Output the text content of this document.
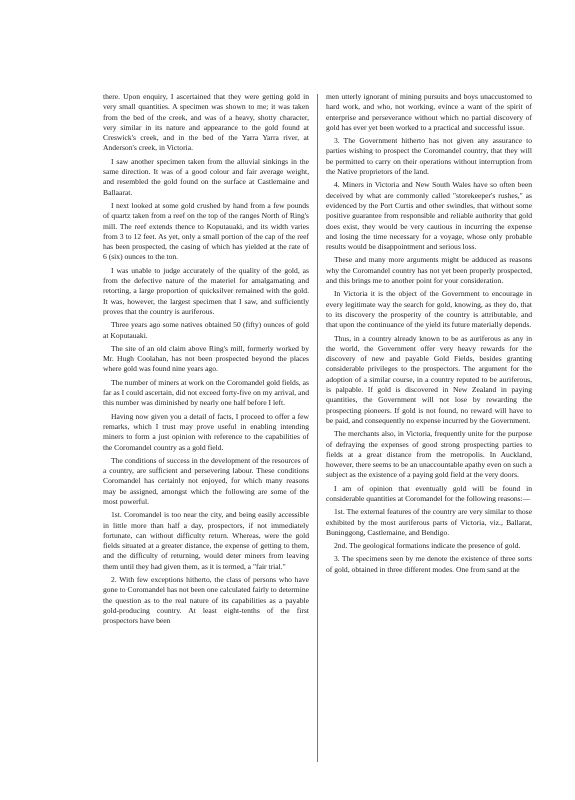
there. Upon enquiry, I ascertained that they were getting gold in very small quantities. A specimen was shown to me; it was taken from the bed of the creek, and was of a heavy, shotty character, very similar in its nature and appearance to the gold found at Creswick's creek, and in the bed of the Yarra Yarra river, at Anderson's creek, in Victoria.

I saw another specimen taken from the alluvial sinkings in the same direction. It was of a good colour and fair average weight, and resembled the gold found on the surface at Castlemaine and Ballaarat.

I next looked at some gold crushed by hand from a few pounds of quartz taken from a reef on the top of the ranges North of Ring's mill. The reef extends thence to Koputauaki, and its width varies from 3 to 12 feet. As yet, only a small portion of the cap of the reef has been prospected, the casing of which has yielded at the rate of 6 (six) ounces to the ton.

I was unable to judge accurately of the quality of the gold, as from the defective nature of the materiel for amalgamating and retorting, a large proportion of quicksilver remained with the gold. It was, however, the largest specimen that I saw, and sufficiently proves that the country is auriferous.

Three years ago some natives obtained 50 (fifty) ounces of gold at Koputauaki.

The site of an old claim above Ring's mill, formerly worked by Mr. Hugh Coolahan, has not been prospected beyond the places where gold was found nine years ago.

The number of miners at work on the Coromandel gold fields, as far as I could ascertain, did not exceed forty-five on my arrival, and this number was diminished by nearly one half before I left.

Having now given you a detail of facts, I proceed to offer a few remarks, which I trust may prove useful in enabling intending miners to form a just opinion with reference to the capabilities of the Coromandel country as a gold field.

The conditions of success in the development of the resources of a country, are sufficient and persevering labour. These conditions Coromandel has certainly not enjoyed, for which many reasons may be assigned, amongst which the following are some of the most powerful.

1st. Coromandel is too near the city, and being easily accessible in little more than half a day, prospectors, if not immediately fortunate, can without difficulty return. Whereas, were the gold fields situated at a greater distance, the expense of getting to them, and the difficulty of returning, would deter miners from leaving them until they had given them, as it is termed, a "fair trial."

2. With few exceptions hitherto, the class of persons who have gone to Coromandel has not been one calculated fairly to determine the question as to the real nature of its capabilities as a payable gold-producing country. At least eight-tenths of the first prospectors have been

men utterly ignorant of mining pursuits and boys unaccustomed to hard work, and who, not working, evince a want of the spirit of enterprise and perseverance without which no partial discovery of gold has ever yet been worked to a practical and successful issue.

3. The Government hitherto has not given any assurance to parties wishing to prospect the Coromandel country, that they will be permitted to carry on their operations without interruption from the Native proprietors of the land.

4. Miners in Victoria and New South Wales have so often been deceived by what are commonly called "storekeeper's rushes," as evidenced by the Port Curtis and other swindles, that without some positive guarantee from responsible and reliable authority that gold does exist, they would be very cautious in incurring the expense and losing the time necessary for a voyage, whose only probable results would be disappointment and serious loss.

These and many more arguments might be adduced as reasons why the Coromandel country has not yet been properly prospected, and this brings me to another point for your consideration.

In Victoria it is the object of the Government to encourage in every legitimate way the search for gold, knowing, as they do, that to its discovery the prosperity of the country is attributable, and that upon the continuance of the yield its future materially depends.

Thus, in a country already known to be as auriferous as any in the world, the Government offer very heavy rewards for the discovery of new and payable Gold Fields, besides granting considerable privileges to the prospectors. The argument for the adoption of a similar course, in a country reputed to be auriferous, is palpable. If gold is discovered in New Zealand in paying quantities, the Government will not lose by rewarding the prospecting pioneers. If gold is not found, no reward will have to be paid, and consequently no expense incurred by the Government.

The merchants also, in Victoria, frequently unite for the purpose of defraying the expenses of good strong prospecting parties to fields at a great distance from the metropolis. In Auckland, however, there seems to be an unaccountable apathy even on such a subject as the existence of a paying gold field at the very doors.

I am of opinion that eventually gold will be found in considerable quantities at Coromandel for the following reasons:—

1st. The external features of the country are very similar to those exhibited by the most auriferous parts of Victoria, viz., Ballarat, Buninggong, Castlemaine, and Bendigo.

2nd. The geological formations indicate the presence of gold.

3. The specimens seen by me denote the existence of three sorts of gold, obtained in three different modes. One from sand at the
